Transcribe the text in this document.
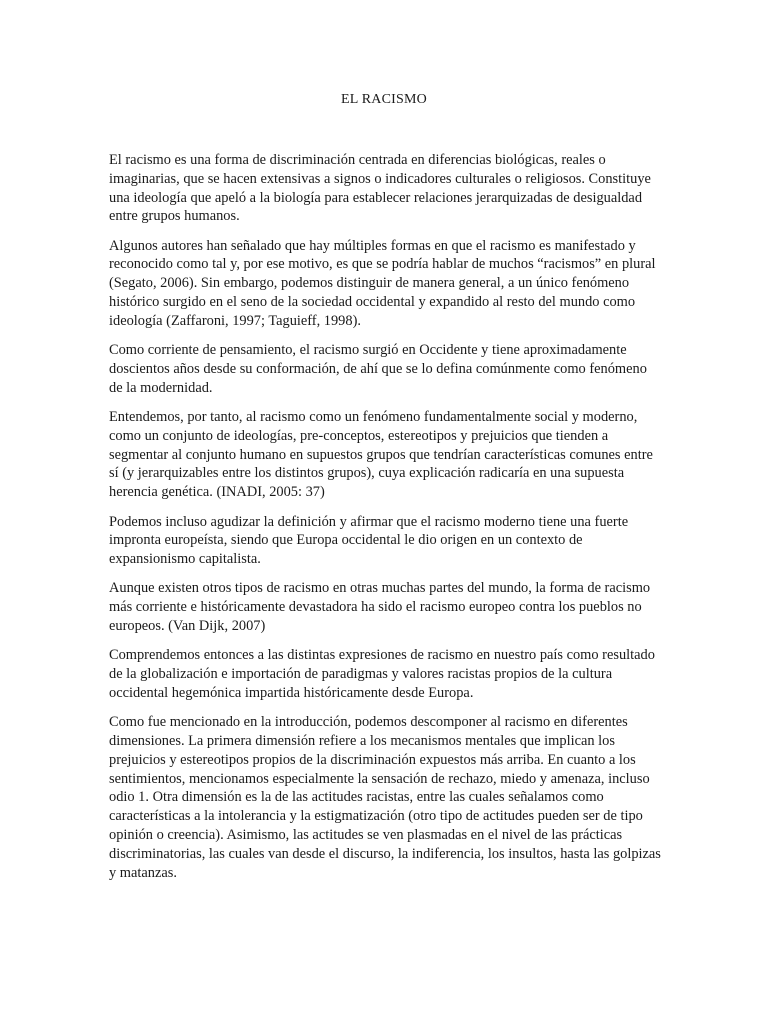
EL RACISMO

El racismo es una forma de discriminación centrada en diferencias biológicas, reales o imaginarias, que se hacen extensivas a signos o indicadores culturales o religiosos. Constituye una ideología que apeló a la biología para establecer relaciones jerarquizadas de desigualdad entre grupos humanos.

Algunos autores han señalado que hay múltiples formas en que el racismo es manifestado y reconocido como tal y, por ese motivo, es que se podría hablar de muchos “racismos” en plural (Segato, 2006). Sin embargo, podemos distinguir de manera general, a un único fenómeno histórico surgido en el seno de la sociedad occidental y expandido al resto del mundo como ideología (Zaffaroni, 1997; Taguieff, 1998).

Como corriente de pensamiento, el racismo surgió en Occidente y tiene aproximadamente doscientos años desde su conformación, de ahí que se lo defina comúnmente como fenómeno de la modernidad.

Entendemos, por tanto, al racismo como un fenómeno fundamentalmente social y moderno, como un conjunto de ideologías, pre-conceptos, estereotipos y prejuicios que tienden a segmentar al conjunto humano en supuestos grupos que tendrían características comunes entre sí (y jerarquizables entre los distintos grupos), cuya explicación radicaría en una supuesta herencia genética. (INADI, 2005: 37)

Podemos incluso agudizar la definición y afirmar que el racismo moderno tiene una fuerte impronta europeísta, siendo que Europa occidental le dio origen en un contexto de expansionismo capitalista.

Aunque existen otros tipos de racismo en otras muchas partes del mundo, la forma de racismo más corriente e históricamente devastadora ha sido el racismo europeo contra los pueblos no europeos. (Van Dijk, 2007)

Comprendemos entonces a las distintas expresiones de racismo en nuestro país como resultado de la globalización e importación de paradigmas y valores racistas propios de la cultura occidental hegemónica impartida históricamente desde Europa.

Como fue mencionado en la introducción, podemos descomponer al racismo en diferentes dimensiones. La primera dimensión refiere a los mecanismos mentales que implican los prejuicios y estereotipos propios de la discriminación expuestos más arriba. En cuanto a los sentimientos, mencionamos especialmente la sensación de rechazo, miedo y amenaza, incluso odio 1. Otra dimensión es la de las actitudes racistas, entre las cuales señalamos como características a la intolerancia y la estigmatización (otro tipo de actitudes pueden ser de tipo opinión o creencia). Asimismo, las actitudes se ven plasmadas en el nivel de las prácticas discriminatorias, las cuales van desde el discurso, la indiferencia, los insultos, hasta las golpizas y matanzas.
